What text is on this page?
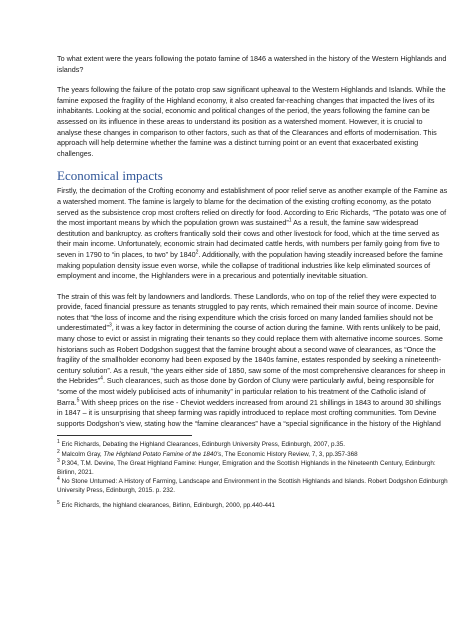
To what extent were the years following the potato famine of 1846 a watershed in the history of the Western Highlands and islands?

The years following the failure of the potato crop saw significant upheaval to the Western Highlands and Islands. While the famine exposed the fragility of the Highland economy, it also created far-reaching changes that impacted the lives of its inhabitants. Looking at the social, economic and political changes of the period, the years following the famine can be assessed on its influence in these areas to understand its position as a watershed moment. However, it is crucial to analyse these changes in comparison to other factors, such as that of the Clearances and efforts of modernisation. This approach will help determine whether the famine was a distinct turning point or an event that exacerbated existing challenges.

Economical impacts

Firstly, the decimation of the Crofting economy and establishment of poor relief serve as another example of the Famine as a watershed moment. The famine is largely to blame for the decimation of the existing crofting economy, as the potato served as the subsistence crop most crofters relied on directly for food. According to Eric Richards, “The potato was one of the most important means by which the population grown was sustained”$^1$ As a result, the famine saw widespread destitution and bankruptcy. as crofters frantically sold their cows and other livestock for food, which at the time served as their main income. Unfortunately, economic strain had decimated cattle herds, with numbers per family going from five to seven in 1790 to “in places, to two” by 1840$^2$. Additionally, with the population having steadily increased before the famine making population density issue even worse, while the collapse of traditional industries like kelp eliminated sources of employment and income, the Highlanders were in a precarious and potentially inevitable situation.

The strain of this was felt by landowners and landlords. These Landlords, who on top of the relief they were expected to provide, faced financial pressure as tenants struggled to pay rents, which remained their main source of income. Devine notes that “the loss of income and the rising expenditure which the crisis forced on many landed families should not be underestimated”$^3$, it was a key factor in determining the course of action during the famine. With rents unlikely to be paid, many chose to evict or assist in migrating their tenants so they could replace them with alternative income sources. Some historians such as Robert Dodgshon suggest that the famine brought about a second wave of clearances, as “Once the fragility of the smallholder economy had been exposed by the 1840s famine, estates responded by seeking a nineteenth-century solution”. As a result, “the years either side of 1850, saw some of the most comprehensive clearances for sheep in the Hebrides”$^4$. Such clearances, such as those done by Gordon of Cluny were particularly awful, being responsible for “some of the most widely publicised acts of inhumanity” in particular relation to his treatment of the Catholic island of Barra.$^5$ With sheep prices on the rise - Cheviot wedders increased from around 21 shillings in 1843 to around 30 shillings in 1847 – it is unsurprising that sheep farming was rapidly introduced to replace most crofting communities. Tom Devine supports Dodgshon’s view, stating how the “famine clearances” have a “special significance in the history of the Highland

$^1$ Eric Richards, Debating the Highland Clearances, Edinburgh University Press, Edinburgh, 2007, p.35.

$^2$ Malcolm Gray, The Highland Potato Famine of the 1840’s, The Economic History Review, 7, 3, pp.357-368

$^3$ P.304, T.M. Devine, The Great Highland Famine: Hunger, Emigration and the Scottish Highlands in the Nineteenth Century, Edinburgh: Birlinn, 2021.

$^4$ No Stone Unturned: A History of Farming, Landscape and Environment in the Scottish Highlands and Islands. Robert Dodgshon Edinburgh University Press, Edinburgh, 2015. p. 232.

$^5$ Eric Richards, the highland clearances, Birlinn, Edinburgh, 2000, pp.440-441
